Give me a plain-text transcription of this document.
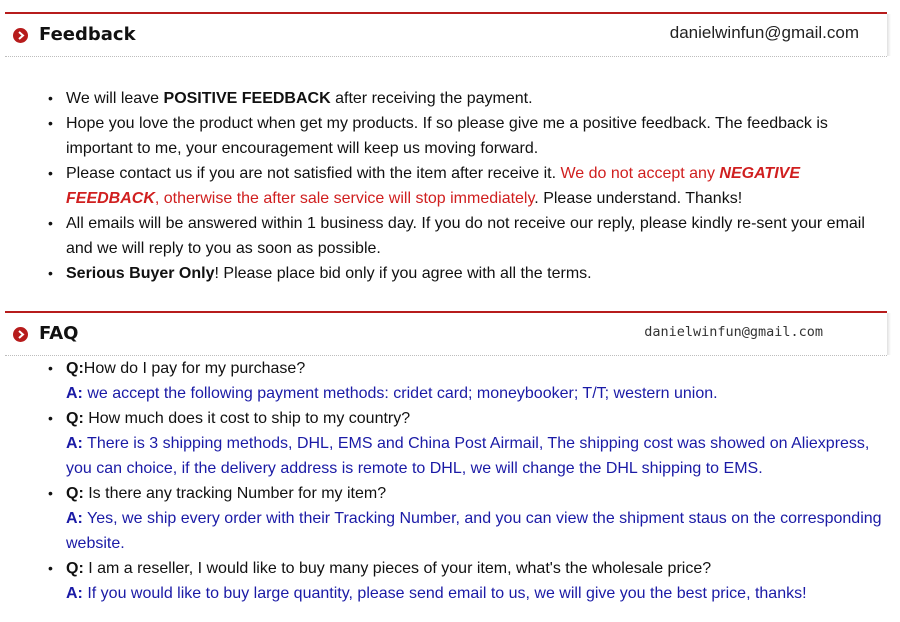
Feedback	danielwinfun@gmail.com
• We will leave POSITIVE FEEDBACK after receiving the payment.
• Hope you love the product when get my products. If so please give me a positive feedback. The feedback is important to me, your encouragement will keep us moving forward.
• Please contact us if you are not satisfied with the item after receive it. We do not accept any NEGATIVE FEEDBACK, otherwise the after sale service will stop immediately. Please understand. Thanks!
• All emails will be answered within 1 business day. If you do not receive our reply, please kindly re-sent your email and we will reply to you as soon as possible.
• Serious Buyer Only! Please place bid only if you agree with all the terms.
FAQ	danielwinfun@gmail.com
• Q:How do I pay for my purchase?
A: we accept the following payment methods: cridet card; moneybooker; T/T; western union.
• Q: How much does it cost to ship to my country?
A: There is 3 shipping methods, DHL, EMS and China Post Airmail, The shipping cost was showed on Aliexpress, you can choice, if the delivery address is remote to DHL, we will change the DHL shipping to EMS.
• Q: Is there any tracking Number for my item?
A: Yes, we ship every order with their Tracking Number, and you can view the shipment staus on the corresponding website.
• Q: I am a reseller, I would like to buy many pieces of your item, what's the wholesale price?
A: If you would like to buy large quantity, please send email to us, we will give you the best price, thanks!
